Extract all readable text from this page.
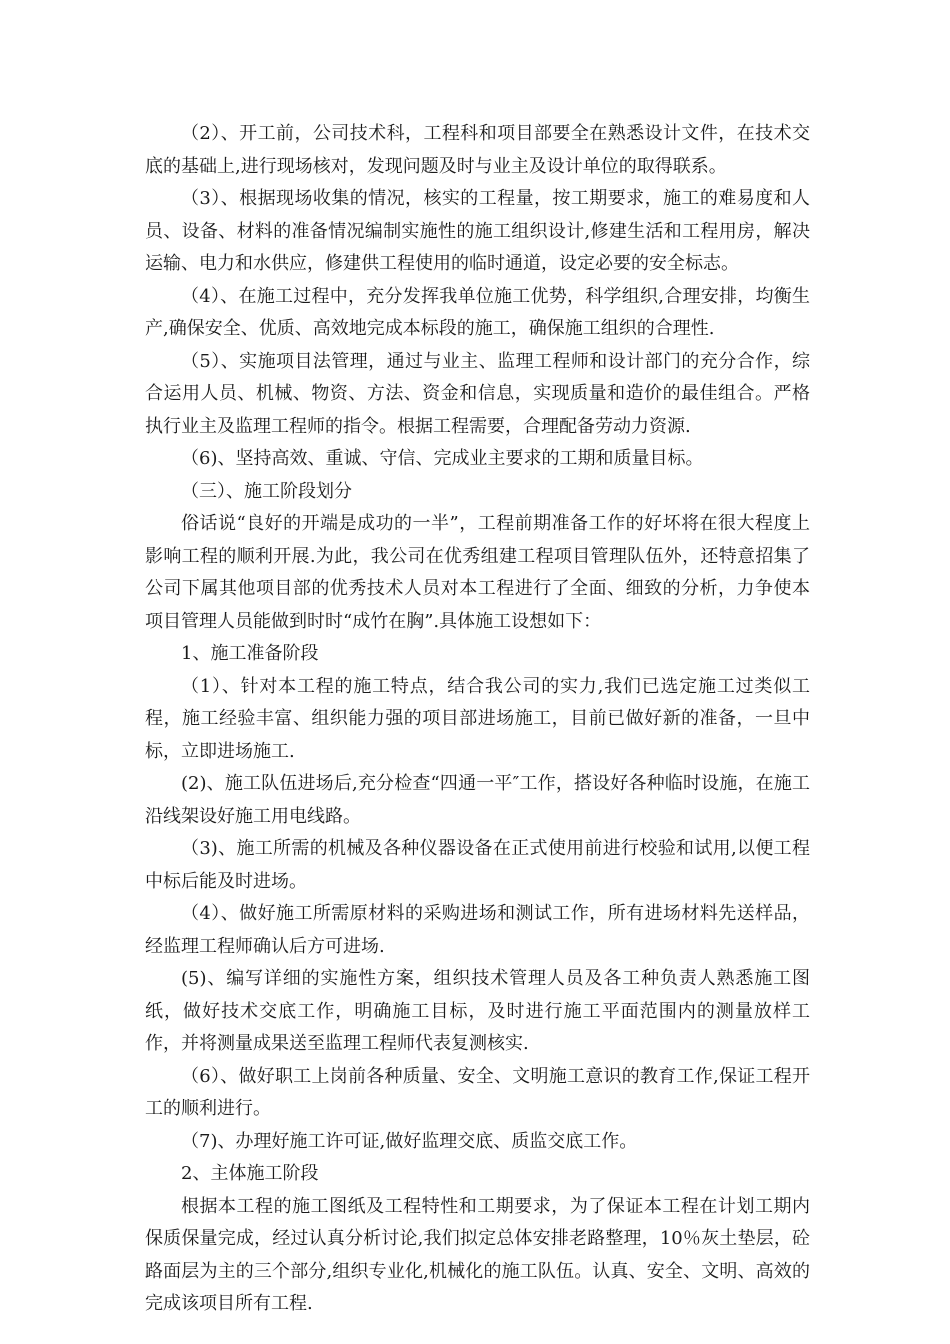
（2）、开工前，公司技术科，工程科和项目部要全在熟悉设计文件，在技术交底的基础上,进行现场核对，发现问题及时与业主及设计单位的取得联系。

（3）、根据现场收集的情况，核实的工程量，按工期要求，施工的难易度和人员、设备、材料的准备情况编制实施性的施工组织设计,修建生活和工程用房，解决运输、电力和水供应，修建供工程使用的临时通道，设定必要的安全标志。

（4）、在施工过程中，充分发挥我单位施工优势，科学组织,合理安排，均衡生产,确保安全、优质、高效地完成本标段的施工，确保施工组织的合理性.

（5）、实施项目法管理，通过与业主、监理工程师和设计部门的充分合作，综合运用人员、机械、物资、方法、资金和信息，实现质量和造价的最佳组合。严格执行业主及监理工程师的指令。根据工程需要，合理配备劳动力资源.

（6)、坚持高效、重诚、守信、完成业主要求的工期和质量目标。

（三）、施工阶段划分

俗话说“良好的开端是成功的一半”，工程前期准备工作的好坏将在很大程度上影响工程的顺利开展.为此，我公司在优秀组建工程项目管理队伍外，还特意招集了公司下属其他项目部的优秀技术人员对本工程进行了全面、细致的分析，力争使本项目管理人员能做到时时“成竹在胸”.具体施工设想如下：

1、施工准备阶段

（1）、针对本工程的施工特点，结合我公司的实力,我们已选定施工过类似工程，施工经验丰富、组织能力强的项目部进场施工，目前已做好新的准备，一旦中标，立即进场施工.

(2)、施工队伍进场后,充分检查“四通一平″工作，搭设好各种临时设施，在施工沿线架设好施工用电线路。

（3)、施工所需的机械及各种仪器设备在正式使用前进行校验和试用,以便工程中标后能及时进场。

（4）、做好施工所需原材料的采购进场和测试工作，所有进场材料先送样品，经监理工程师确认后方可进场.

(5)、编写详细的实施性方案，组织技术管理人员及各工种负责人熟悉施工图纸，做好技术交底工作，明确施工目标，及时进行施工平面范围内的测量放样工作，并将测量成果送至监理工程师代表复测核实.

（6）、做好职工上岗前各种质量、安全、文明施工意识的教育工作,保证工程开工的顺利进行。

（7)、办理好施工许可证,做好监理交底、质监交底工作。

2、主体施工阶段

根据本工程的施工图纸及工程特性和工期要求，为了保证本工程在计划工期内保质保量完成，经过认真分析讨论,我们拟定总体安排老路整理，10％灰土垫层，砼路面层为主的三个部分,组织专业化,机械化的施工队伍。认真、安全、文明、高效的完成该项目所有工程.
